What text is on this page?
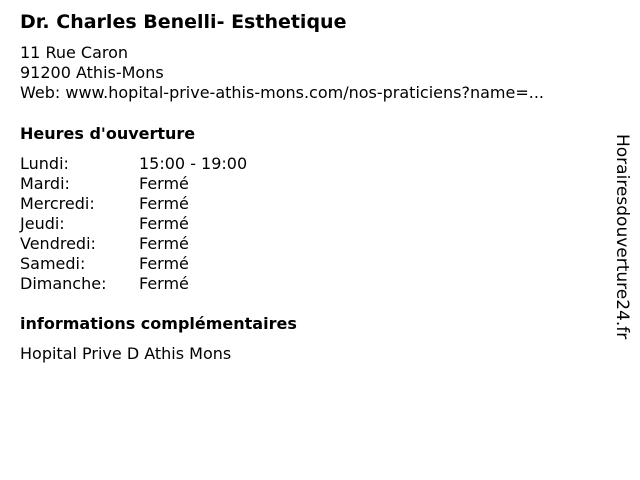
Dr. Charles Benelli- Esthetique
11 Rue Caron
91200 Athis-Mons
Web: www.hopital-prive-athis-mons.com/nos-praticiens?name=...
Heures d'ouverture
Lundi:	15:00 - 19:00
Mardi:	Fermé
Mercredi:	Fermé
Jeudi:	Fermé
Vendredi:	Fermé
Samedi:	Fermé
Dimanche:	Fermé
informations complémentaires
Hopital Prive D Athis Mons
Horairesdouverture24.fr
